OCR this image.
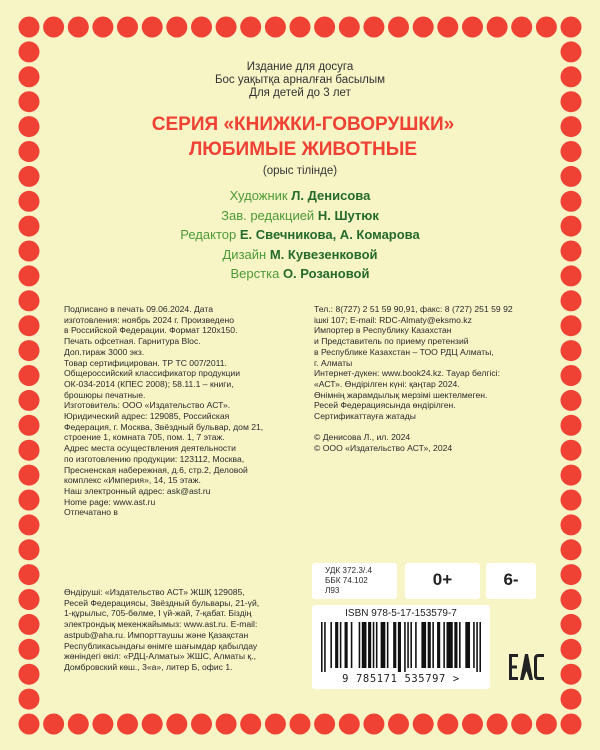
Издание для досуга
Бос уақытқа арналған басылым
Для детей до 3 лет
СЕРИЯ «КНИЖКИ-ГОВОРУШКИ»
ЛЮБИМЫЕ ЖИВОТНЫЕ
(орыс тілінде)
Художник Л. Денисова
Зав. редакцией Н. Шутюк
Редактор Е. Свечникова, А. Комарова
Дизайн М. Кувезенковой
Верстка О. Розановой
Подписано в печать 09.06.2024. Дата
изготовления: ноябрь 2024 г. Произведено
в Российской Федерации. Формат 120х150.
Печать офсетная. Гарнитура Bloc.
Доп.тираж 3000 экз.
Товар сертифицирован. ТР ТС 007/2011.
Общероссийский классификатор продукции
ОК-034-2014 (КПЕС 2008); 58.11.1 – книги,
брошюры печатные.
Изготовитель: ООО «Издательство АСТ».
Юридический адрес: 129085, Российская
Федерация, г. Москва, Звёздный бульвар, дом 21,
строение 1, комната 705, пом. 1, 7 этаж.
Адрес места осуществления деятельности
по изготовлению продукции: 123112, Москва,
Пресненская набережная, д.6, стр.2, Деловой
комплекс «Империя», 14, 15 этаж.
Наш электронный адрес: ask@ast.ru
Home page: www.ast.ru
Отпечатано в
Тел.: 8(727) 2 51 59 90,91, факс: 8 (727) 251 59 92
ішкі 107; E-mail: RDC-Almaty@eksmo.kz
Импортер в Республику Казахстан
и Представитель по приему претензий
в Республике Казахстан – ТОО РДЦ Алматы,
г. Алматы
Интернет-дүкен: www.book24.kz. Тауар белгісі:
«АСТ». Өндірілген күні: қаңтар 2024.
Өнімнің жарамдылық мерзімі шектелмеген.
Ресей Федерациясында өндірілген.
Сертификаттауға жатады
© Денисова Л., ил. 2024
© ООО «Издательство АСТ», 2024
Өндіруші: «Издательство АСТ» ЖШҚ 129085,
Ресей Федерациясы, Звёздный бульвары, 21-үй,
1-құрылыс, 705-бөлме, I үй-жай, 7-қабат. Біздің
электрондық мекенжайымыз: www.ast.ru. E-mail:
astpub@aha.ru. Импорттаушы және Қазақстан
Республикасындағы өнімге шағымдар қабылдау
жөніндегі өкіл: «РДЦ-Алматы» ЖШС, Алматы қ.,
Домбровский көш., 3«а», литер Б, офис 1.
УДК 372.3/.4
ББК 74.102
Л93
0+	6-
ISBN 978-5-17-153579-7
9 785171 535797 >
